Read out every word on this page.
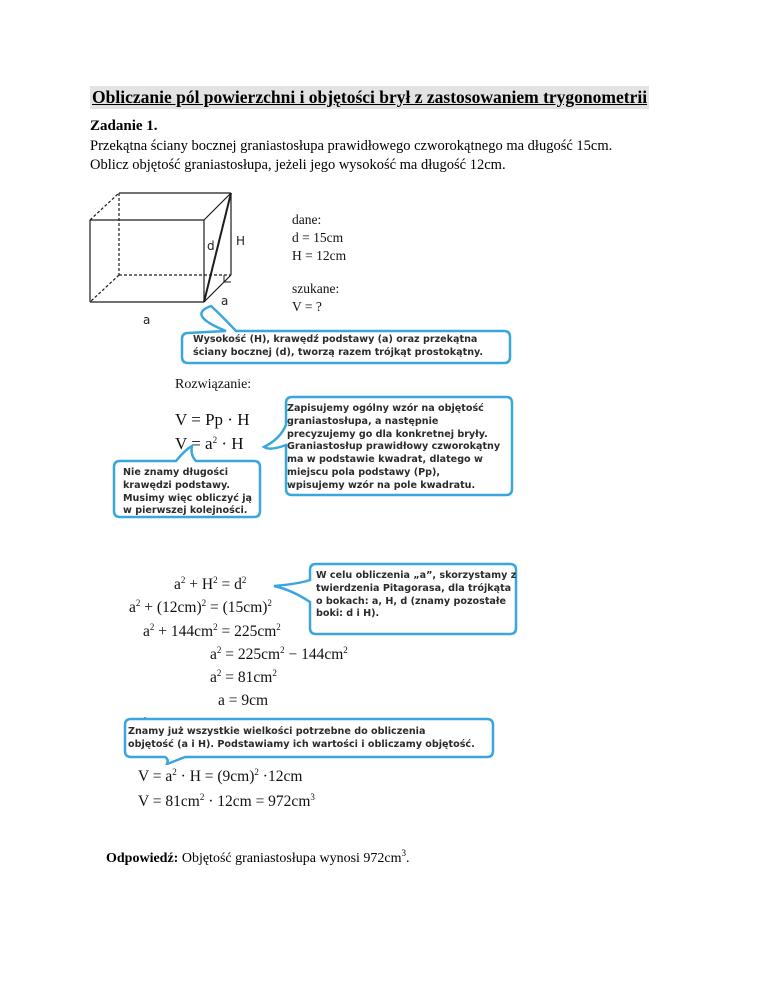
Obliczanie pól powierzchni i objętości brył z zastosowaniem trygonometrii
Zadanie 1.
Przekątna ściany bocznej graniastosłupa prawidłowego czworokątnego ma długość 15cm.
Oblicz objętość graniastosłupa, jeżeli jego wysokość ma długość 12cm.
d H
a
a
dane:
d = 15cm
H = 12cm
szukane:
V = ?
Wysokość (H), krawędź podstawy (a) oraz przekątna
ściany bocznej (d), tworzą razem trójkąt prostokątny.
Rozwiązanie:
V = Pp · H
$V = a^2 \cdot H$
Zapisujemy ogólny wzór na objętość
graniastosłupa, a następnie
precyzujemy go dla konkretnej bryły.
Graniastosłup prawidłowy czworokątny
ma w podstawie kwadrat, dlatego w
miejscu pola podstawy (Pp),
wpisujemy wzór na pole kwadratu.
Nie znamy długości
krawędzi podstawy.
Musimy więc obliczyć ją
w pierwszej kolejności.
$a^2 + H^2 = d^2$
$a^2 + (12cm)^2 = (15cm)^2$
$a^2 + 144cm^2 = 225cm^2$
$a^2 = 225cm^2 - 144cm^2$
$a^2 = 81cm^2$
a = 9cm
W celu obliczenia „a”, skorzystamy z
twierdzenia Pitagorasa, dla trójkąta
o bokach: a, H, d (znamy pozostałe
boki: d i H).
Znamy już wszystkie wielkości potrzebne do obliczenia
objętość (a i H). Podstawiamy ich wartości i obliczamy objętość.
$V = a^2 \cdot H = (9cm)^2 \cdot 12cm$
$V = 81cm^2 \cdot 12cm = 972cm^3$
Odpowiedź: Objętość graniastosłupa wynosi $972cm^3$.
